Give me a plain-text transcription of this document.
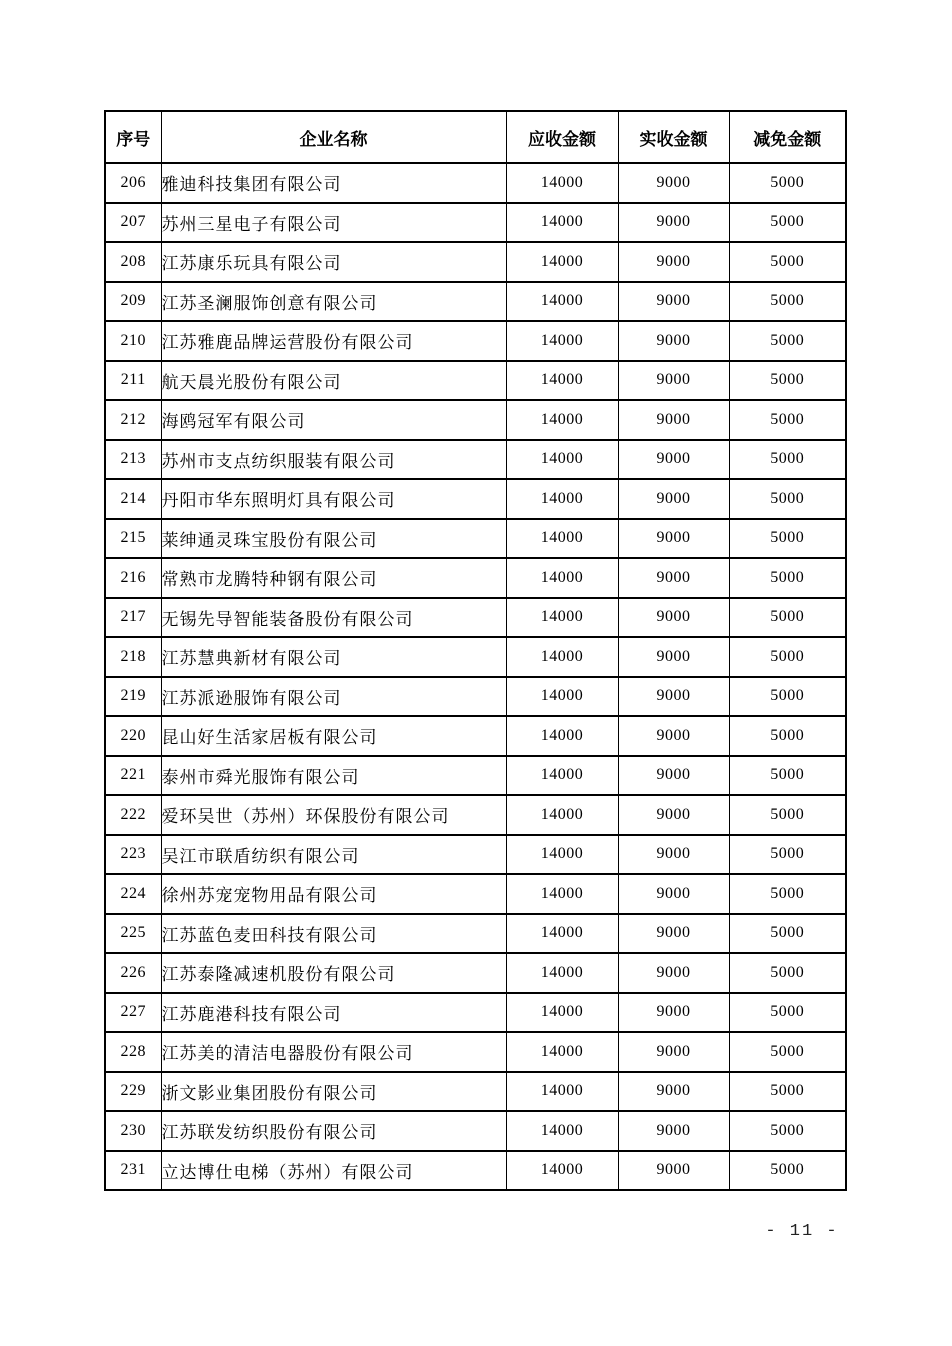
序号	企业名称	应收金额	实收金额	减免金额
206	雅迪科技集团有限公司	14000	9000	5000
207	苏州三星电子有限公司	14000	9000	5000
208	江苏康乐玩具有限公司	14000	9000	5000
209	江苏圣澜服饰创意有限公司	14000	9000	5000
210	江苏雅鹿品牌运营股份有限公司	14000	9000	5000
211	航天晨光股份有限公司	14000	9000	5000
212	海鸥冠军有限公司	14000	9000	5000
213	苏州市支点纺织服装有限公司	14000	9000	5000
214	丹阳市华东照明灯具有限公司	14000	9000	5000
215	莱绅通灵珠宝股份有限公司	14000	9000	5000
216	常熟市龙腾特种钢有限公司	14000	9000	5000
217	无锡先导智能装备股份有限公司	14000	9000	5000
218	江苏慧典新材有限公司	14000	9000	5000
219	江苏派逊服饰有限公司	14000	9000	5000
220	昆山好生活家居板有限公司	14000	9000	5000
221	泰州市舜光服饰有限公司	14000	9000	5000
222	爱环吴世（苏州）环保股份有限公司	14000	9000	5000
223	吴江市联盾纺织有限公司	14000	9000	5000
224	徐州苏宠宠物用品有限公司	14000	9000	5000
225	江苏蓝色麦田科技有限公司	14000	9000	5000
226	江苏泰隆减速机股份有限公司	14000	9000	5000
227	江苏鹿港科技有限公司	14000	9000	5000
228	江苏美的清洁电器股份有限公司	14000	9000	5000
229	浙文影业集团股份有限公司	14000	9000	5000
230	江苏联发纺织股份有限公司	14000	9000	5000
231	立达博仕电梯（苏州）有限公司	14000	9000	5000
- 11 -
